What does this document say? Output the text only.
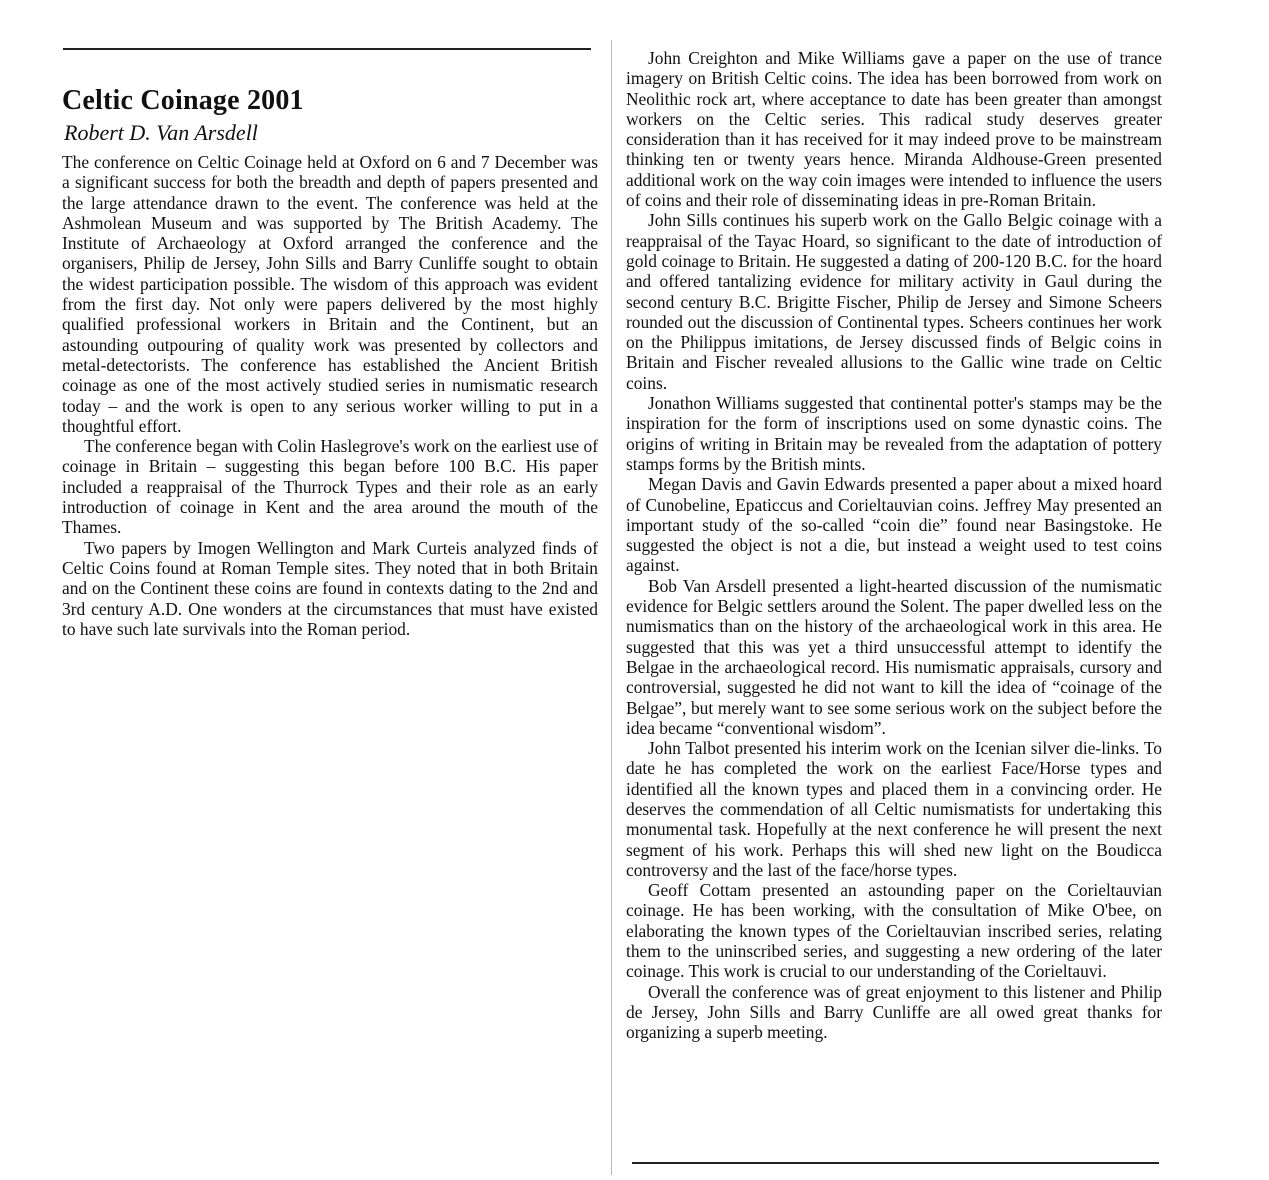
Celtic Coinage 2001
Robert D. Van Arsdell

The conference on Celtic Coinage held at Oxford on 6 and 7 December was a significant success for both the breadth and depth of papers presented and the large attendance drawn to the event. The conference was held at the Ashmolean Museum and was supported by The British Academy. The Institute of Archaeology at Oxford arranged the conference and the organisers, Philip de Jersey, John Sills and Barry Cunliffe sought to obtain the widest participation possible. The wisdom of this approach was evident from the first day. Not only were papers delivered by the most highly qualified professional workers in Britain and the Continent, but an astounding outpouring of quality work was presented by collectors and metal-detectorists. The conference has established the Ancient British coinage as one of the most actively studied series in numismatic research today – and the work is open to any serious worker willing to put in a thoughtful effort.

The conference began with Colin Haslegrove's work on the earliest use of coinage in Britain – suggesting this began before 100 B.C. His paper included a reappraisal of the Thurrock Types and their role as an early introduction of coinage in Kent and the area around the mouth of the Thames.

Two papers by Imogen Wellington and Mark Curteis analyzed finds of Celtic Coins found at Roman Temple sites. They noted that in both Britain and on the Continent these coins are found in contexts dating to the 2nd and 3rd century A.D. One wonders at the circumstances that must have existed to have such late survivals into the Roman period.

John Creighton and Mike Williams gave a paper on the use of trance imagery on British Celtic coins. The idea has been borrowed from work on Neolithic rock art, where acceptance to date has been greater than amongst workers on the Celtic series. This radical study deserves greater consideration than it has received for it may indeed prove to be mainstream thinking ten or twenty years hence. Miranda Aldhouse-Green presented additional work on the way coin images were intended to influence the users of coins and their role of disseminating ideas in pre-Roman Britain.

John Sills continues his superb work on the Gallo Belgic coinage with a reappraisal of the Tayac Hoard, so significant to the date of introduction of gold coinage to Britain. He suggested a dating of 200-120 B.C. for the hoard and offered tantalizing evidence for military activity in Gaul during the second century B.C. Brigitte Fischer, Philip de Jersey and Simone Scheers rounded out the discussion of Continental types. Scheers continues her work on the Philippus imitations, de Jersey discussed finds of Belgic coins in Britain and Fischer revealed allusions to the Gallic wine trade on Celtic coins.

Jonathon Williams suggested that continental potter's stamps may be the inspiration for the form of inscriptions used on some dynastic coins. The origins of writing in Britain may be revealed from the adaptation of pottery stamps forms by the British mints.

Megan Davis and Gavin Edwards presented a paper about a mixed hoard of Cunobeline, Epaticcus and Corieltauvian coins. Jeffrey May presented an important study of the so-called “coin die” found near Basingstoke. He suggested the object is not a die, but instead a weight used to test coins against.

Bob Van Arsdell presented a light-hearted discussion of the numismatic evidence for Belgic settlers around the Solent. The paper dwelled less on the numismatics than on the history of the archaeological work in this area. He suggested that this was yet a third unsuccessful attempt to identify the Belgae in the archaeological record. His numismatic appraisals, cursory and controversial, suggested he did not want to kill the idea of “coinage of the Belgae”, but merely want to see some serious work on the subject before the idea became “conventional wisdom”.

John Talbot presented his interim work on the Icenian silver die-links. To date he has completed the work on the earliest Face/Horse types and identified all the known types and placed them in a convincing order. He deserves the commendation of all Celtic numismatists for undertaking this monumental task. Hopefully at the next conference he will present the next segment of his work. Perhaps this will shed new light on the Boudicca controversy and the last of the face/horse types.

Geoff Cottam presented an astounding paper on the Corieltauvian coinage. He has been working, with the consultation of Mike O'bee, on elaborating the known types of the Corieltauvian inscribed series, relating them to the uninscribed series, and suggesting a new ordering of the later coinage. This work is crucial to our understanding of the Corieltauvi.

Overall the conference was of great enjoyment to this listener and Philip de Jersey, John Sills and Barry Cunliffe are all owed great thanks for organizing a superb meeting.
